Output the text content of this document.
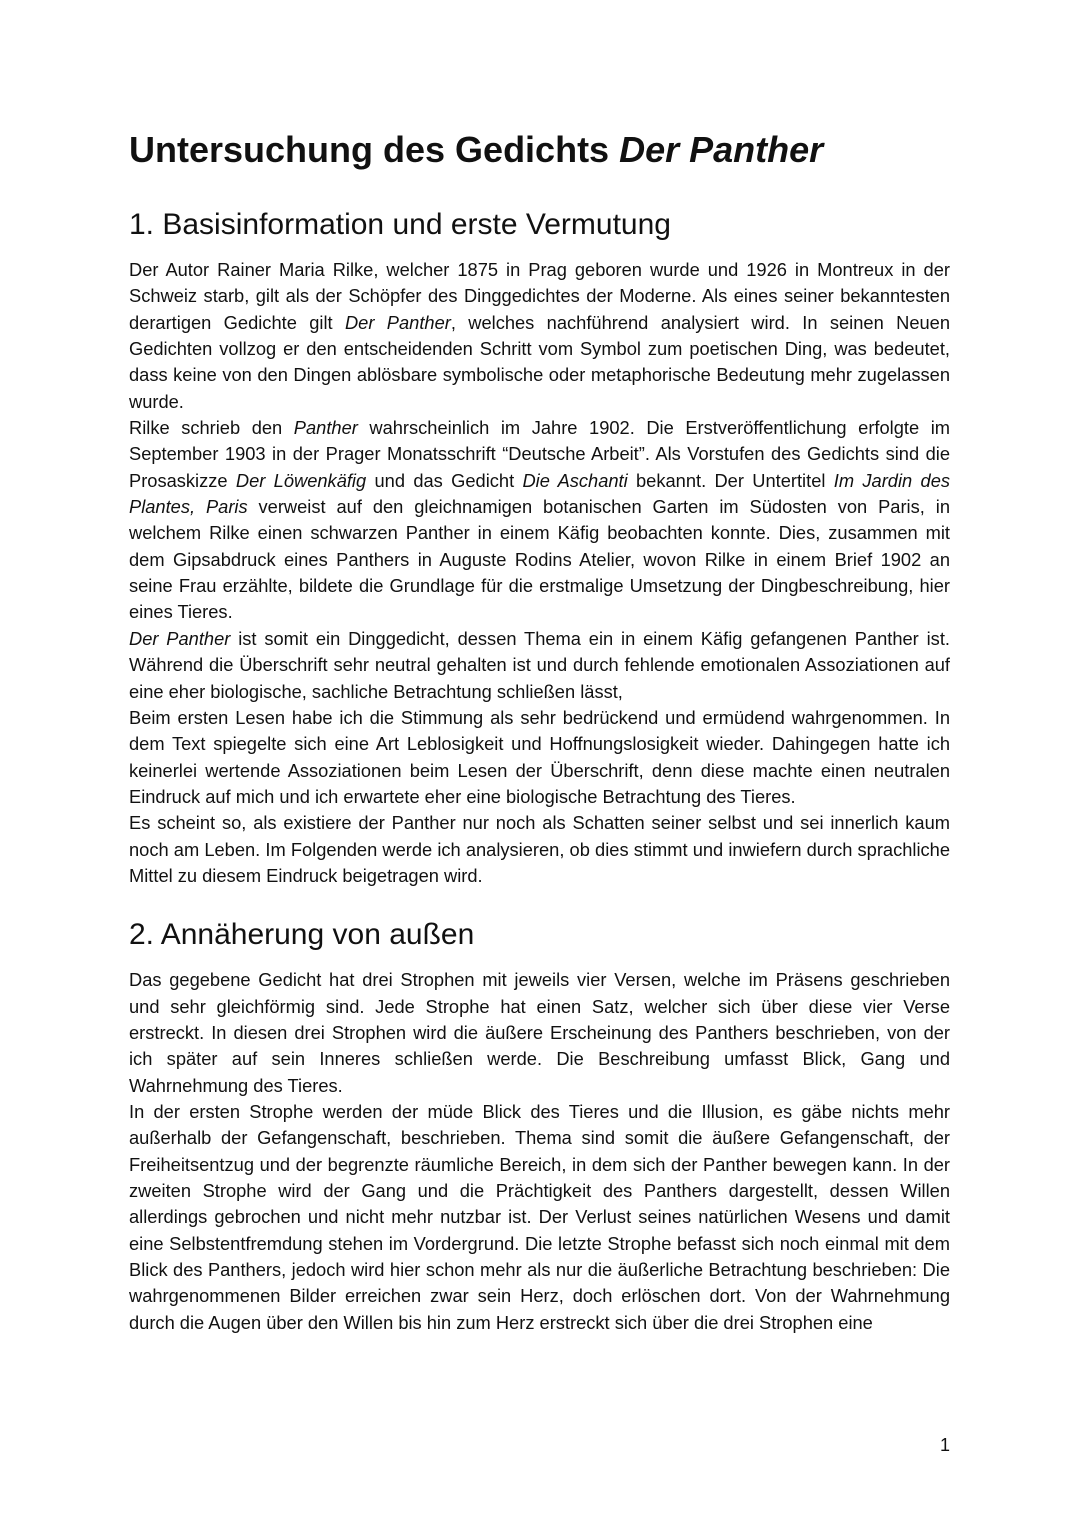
Untersuchung des Gedichts Der Panther
1. Basisinformation und erste Vermutung

Der Autor Rainer Maria Rilke, welcher 1875 in Prag geboren wurde und 1926 in Montreux in der Schweiz starb, gilt als der Schöpfer des Dinggedichtes der Moderne. Als eines seiner bekanntesten derartigen Gedichte gilt Der Panther, welches nachführend analysiert wird. In seinen Neuen Gedichten vollzog er den entscheidenden Schritt vom Symbol zum poetischen Ding, was bedeutet, dass keine von den Dingen ablösbare symbolische oder metaphorische Bedeutung mehr zugelassen wurde.

Rilke schrieb den Panther wahrscheinlich im Jahre 1902. Die Erstveröffentlichung erfolgte im September 1903 in der Prager Monatsschrift “Deutsche Arbeit”. Als Vorstufen des Gedichts sind die Prosaskizze Der Löwenkäfig und das Gedicht Die Aschanti bekannt. Der Untertitel Im Jardin des Plantes, Paris verweist auf den gleichnamigen botanischen Garten im Südosten von Paris, in welchem Rilke einen schwarzen Panther in einem Käfig beobachten konnte. Dies, zusammen mit dem Gipsabdruck eines Panthers in Auguste Rodins Atelier, wovon Rilke in einem Brief 1902 an seine Frau erzählte, bildete die Grundlage für die erstmalige Umsetzung der Dingbeschreibung, hier eines Tieres.

Der Panther ist somit ein Dinggedicht, dessen Thema ein in einem Käfig gefangenen Panther ist. Während die Überschrift sehr neutral gehalten ist und durch fehlende emotionalen Assoziationen auf eine eher biologische, sachliche Betrachtung schließen lässt,

Beim ersten Lesen habe ich die Stimmung als sehr bedrückend und ermüdend wahrgenommen. In dem Text spiegelte sich eine Art Leblosigkeit und Hoffnungslosigkeit wieder. Dahingegen hatte ich keinerlei wertende Assoziationen beim Lesen der Überschrift, denn diese machte einen neutralen Eindruck auf mich und ich erwartete eher eine biologische Betrachtung des Tieres.

Es scheint so, als existiere der Panther nur noch als Schatten seiner selbst und sei innerlich kaum noch am Leben. Im Folgenden werde ich analysieren, ob dies stimmt und inwiefern durch sprachliche Mittel zu diesem Eindruck beigetragen wird.

2. Annäherung von außen

Das gegebene Gedicht hat drei Strophen mit jeweils vier Versen, welche im Präsens geschrieben und sehr gleichförmig sind. Jede Strophe hat einen Satz, welcher sich über diese vier Verse erstreckt. In diesen drei Strophen wird die äußere Erscheinung des Panthers beschrieben, von der ich später auf sein Inneres schließen werde. Die Beschreibung umfasst Blick, Gang und Wahrnehmung des Tieres.

In der ersten Strophe werden der müde Blick des Tieres und die Illusion, es gäbe nichts mehr außerhalb der Gefangenschaft, beschrieben. Thema sind somit die äußere Gefangenschaft, der Freiheitsentzug und der begrenzte räumliche Bereich, in dem sich der Panther bewegen kann. In der zweiten Strophe wird der Gang und die Prächtigkeit des Panthers dargestellt, dessen Willen allerdings gebrochen und nicht mehr nutzbar ist. Der Verlust seines natürlichen Wesens und damit eine Selbstentfremdung stehen im Vordergrund. Die letzte Strophe befasst sich noch einmal mit dem Blick des Panthers, jedoch wird hier schon mehr als nur die äußerliche Betrachtung beschrieben: Die wahrgenommenen Bilder erreichen zwar sein Herz, doch erlöschen dort. Von der Wahrnehmung durch die Augen über den Willen bis hin zum Herz erstreckt sich über die drei Strophen eine

1
